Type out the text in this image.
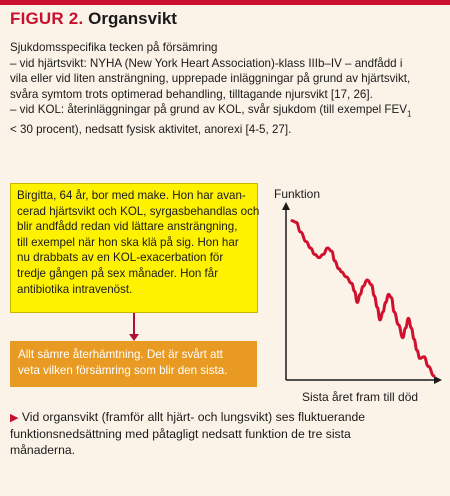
FIGUR 2. Organsvikt
Sjukdomsspecifika tecken på försämring
– vid hjärtsvikt: NYHA (New York Heart Association)-klass IIIb–IV – andfådd i
vila eller vid liten ansträngning, upprepade inläggningar på grund av hjärtsvikt,
svåra symtom trots optimerad behandling, tilltagande njursvikt [17, 26].
– vid KOL: återinläggningar på grund av KOL, svår sjukdom (till exempel $FEV_1$
< 30 procent), nedsatt fysisk aktivitet, anorexi [4-5, 27].
Birgitta, 64 år, bor med make. Hon har avan-
cerad hjärtsvikt och KOL, syrgasbehandlas och
blir andfådd redan vid lättare ansträngning,
till exempel när hon ska klä på sig. Hon har
nu drabbats av en KOL-exacerbation för
tredje gången på sex månader. Hon får
antibiotika intravenöst.
Allt sämre återhämtning. Det är svårt att
veta vilken försämring som blir den sista.
Funktion
Sista året fram till död
▶ Vid organsvikt (framför allt hjärt- och lungsvikt) ses fluktuerande
funktionsnedsättning med påtagligt nedsatt funktion de tre sista
månaderna.
